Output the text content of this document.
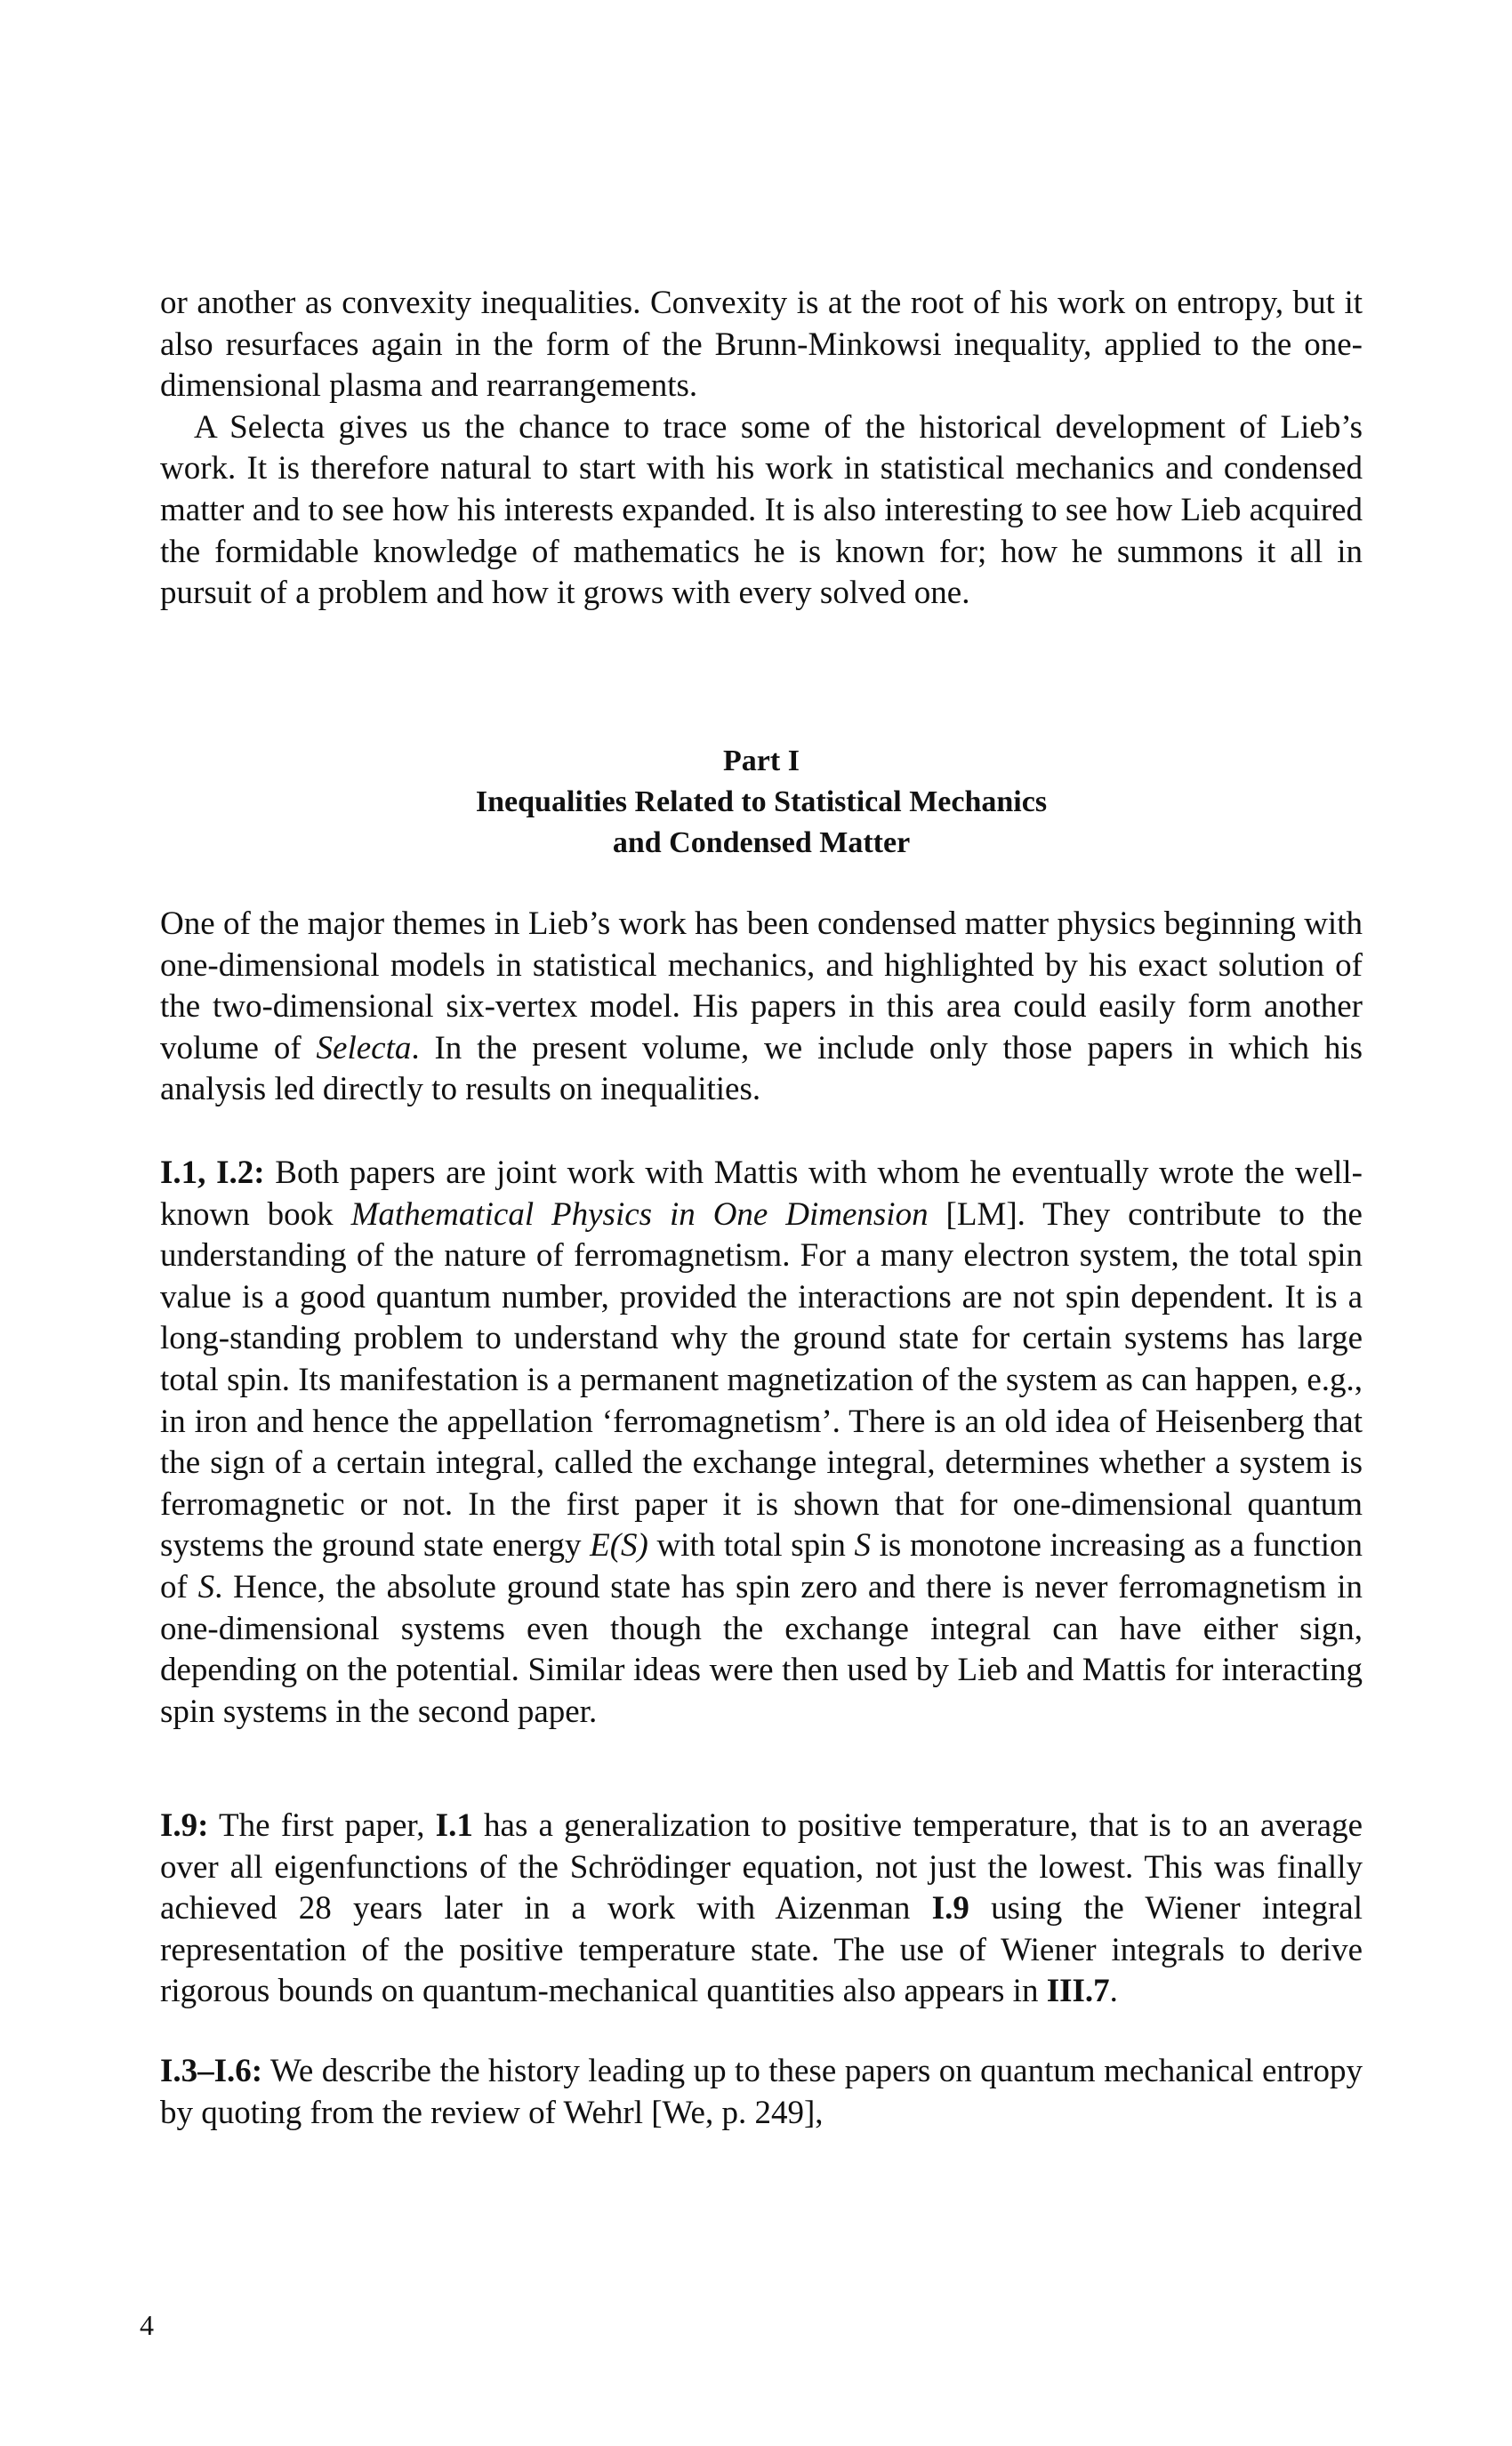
or another as convexity inequalities. Convexity is at the root of his work on entropy, but it also resurfaces again in the form of the Brunn-Minkowsi inequality, applied to the one-dimensional plasma and rearrangements.

A Selecta gives us the chance to trace some of the historical development of Lieb’s work. It is therefore natural to start with his work in statistical mechanics and condensed matter and to see how his interests expanded. It is also interesting to see how Lieb acquired the formidable knowledge of mathematics he is known for; how he summons it all in pursuit of a problem and how it grows with every solved one.

Part I
Inequalities Related to Statistical Mechanics
and Condensed Matter

One of the major themes in Lieb’s work has been condensed matter physics beginning with one-dimensional models in statistical mechanics, and highlighted by his exact solution of the two-dimensional six-vertex model. His papers in this area could easily form another volume of Selecta. In the present volume, we include only those papers in which his analysis led directly to results on inequalities.

I.1, I.2: Both papers are joint work with Mattis with whom he eventually wrote the well-known book Mathematical Physics in One Dimension [LM]. They contribute to the understanding of the nature of ferromagnetism. For a many electron system, the total spin value is a good quantum number, provided the interactions are not spin dependent. It is a long-standing problem to understand why the ground state for certain systems has large total spin. Its manifestation is a permanent magnetization of the system as can happen, e.g., in iron and hence the appellation ‘ferromagnetism’. There is an old idea of Heisenberg that the sign of a certain integral, called the exchange integral, determines whether a system is ferromagnetic or not. In the first paper it is shown that for one-dimensional quantum systems the ground state energy E(S) with total spin S is monotone increasing as a function of S. Hence, the absolute ground state has spin zero and there is never ferromagnetism in one-dimensional systems even though the exchange integral can have either sign, depending on the potential. Similar ideas were then used by Lieb and Mattis for interacting spin systems in the second paper.

I.9: The first paper, I.1 has a generalization to positive temperature, that is to an average over all eigenfunctions of the Schrödinger equation, not just the lowest. This was finally achieved 28 years later in a work with Aizenman I.9 using the Wiener integral representation of the positive temperature state. The use of Wiener integrals to derive rigorous bounds on quantum-mechanical quantities also appears in III.7.

I.3–I.6: We describe the history leading up to these papers on quantum mechanical entropy by quoting from the review of Wehrl [We, p. 249],

4
